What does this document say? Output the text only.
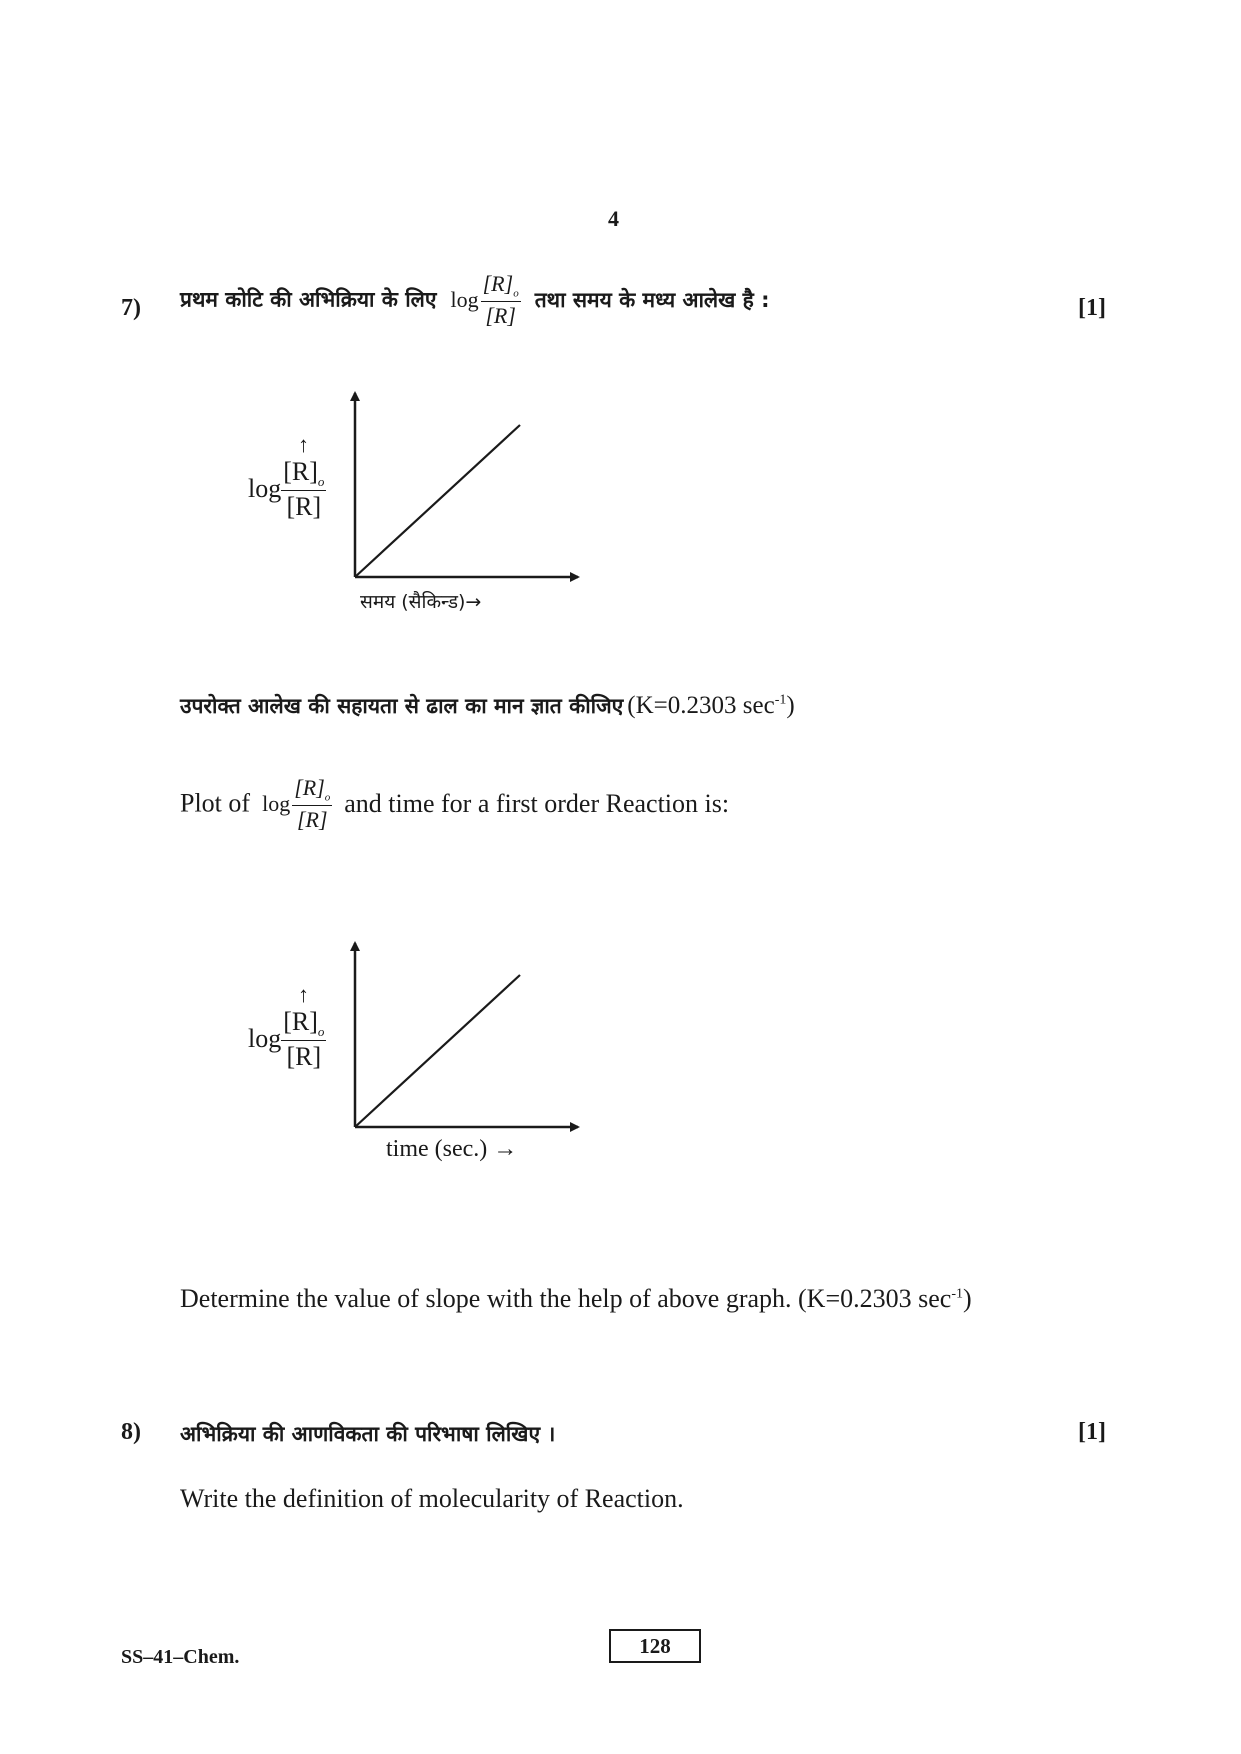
4
7) प्रथम कोटि की अभिक्रिया के लिए $\log \frac{[R]_o}{[R]}$ तथा समय के मध्य आलेख है :	[1]
↑
$\log \frac{[R]_o}{[R]}$
समय (सैकिन्ड)→
उपरोक्त आलेख की सहायता से ढाल का मान ज्ञात कीजिए (K=0.2303 $\sec^{-1}$)
Plot of $\log \frac{[R]_o}{[R]}$ and time for a first order Reaction is:
↑
$\log \frac{[R]_o}{[R]}$
time (sec.) →
Determine the value of slope with the help of above graph. (K=0.2303 $\sec^{-1}$)
8) अभिक्रिया की आणविकता की परिभाषा लिखिए ।	[1]
Write the definition of molecularity of Reaction.
SS–41–Chem.	128
